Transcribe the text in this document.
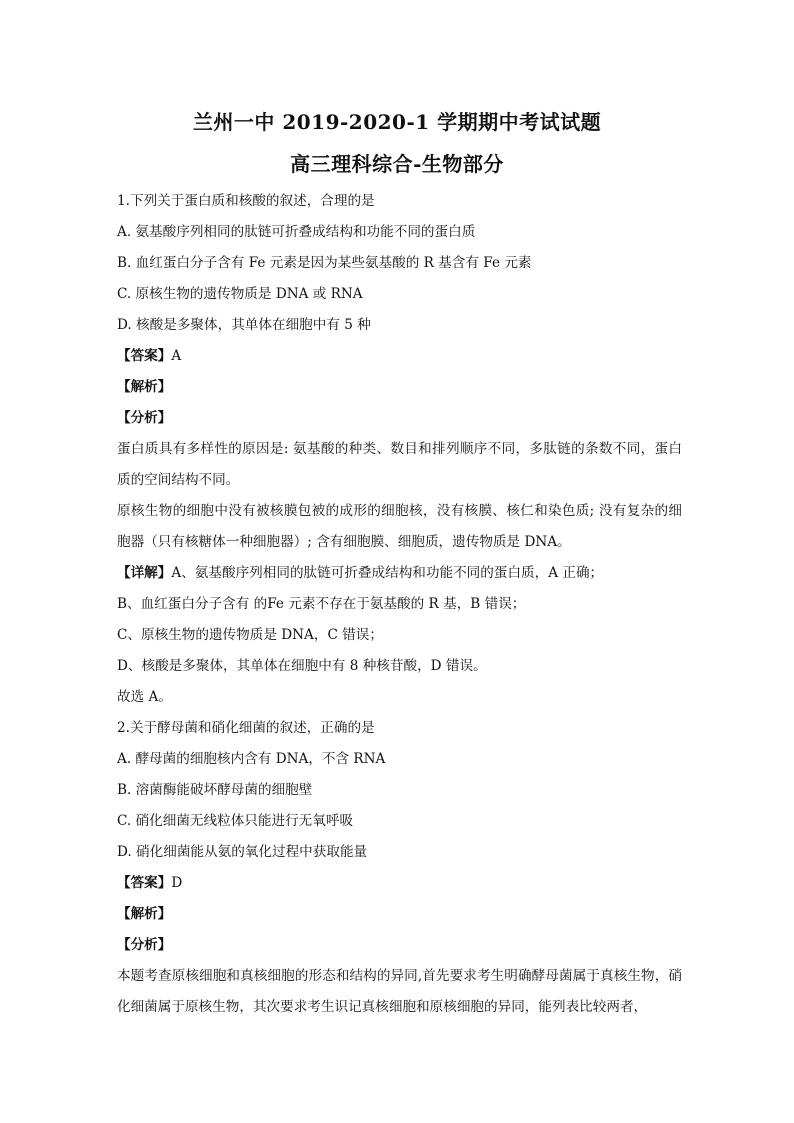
兰州一中 2019-2020-1 学期期中考试试题
高三理科综合-生物部分
1.下列关于蛋白质和核酸的叙述，合理的是
A. 氨基酸序列相同的肽链可折叠成结构和功能不同的蛋白质
B. 血红蛋白分子含有 Fe 元素是因为某些氨基酸的 R 基含有 Fe 元素
C. 原核生物的遗传物质是 DNA 或 RNA
D. 核酸是多聚体，其单体在细胞中有 5 种
【答案】A
【解析】
【分析】
蛋白质具有多样性的原因是: 氨基酸的种类、数目和排列顺序不同，多肽链的条数不同，蛋白质的空间结构不同。
原核生物的细胞中没有被核膜包被的成形的细胞核，没有核膜、核仁和染色质; 没有复杂的细胞器（只有核糖体一种细胞器）; 含有细胞膜、细胞质，遗传物质是 DNA。
【详解】A、氨基酸序列相同的肽链可折叠成结构和功能不同的蛋白质，A 正确；
B、血红蛋白分子含有 的Fe 元素不存在于氨基酸的 R 基，B 错误；
C、原核生物的遗传物质是 DNA，C 错误；
D、核酸是多聚体，其单体在细胞中有 8 种核苷酸，D 错误。
故选 A。
2.关于酵母菌和硝化细菌的叙述，正确的是
A. 酵母菌的细胞核内含有 DNA，不含 RNA
B. 溶菌酶能破坏酵母菌的细胞壁
C. 硝化细菌无线粒体只能进行无氧呼吸
D. 硝化细菌能从氨的氧化过程中获取能量
【答案】D
【解析】
【分析】
本题考查原核细胞和真核细胞的形态和结构的异同,首先要求考生明确酵母菌属于真核生物，硝化细菌属于原核生物，其次要求考生识记真核细胞和原核细胞的异同，能列表比较两者，
